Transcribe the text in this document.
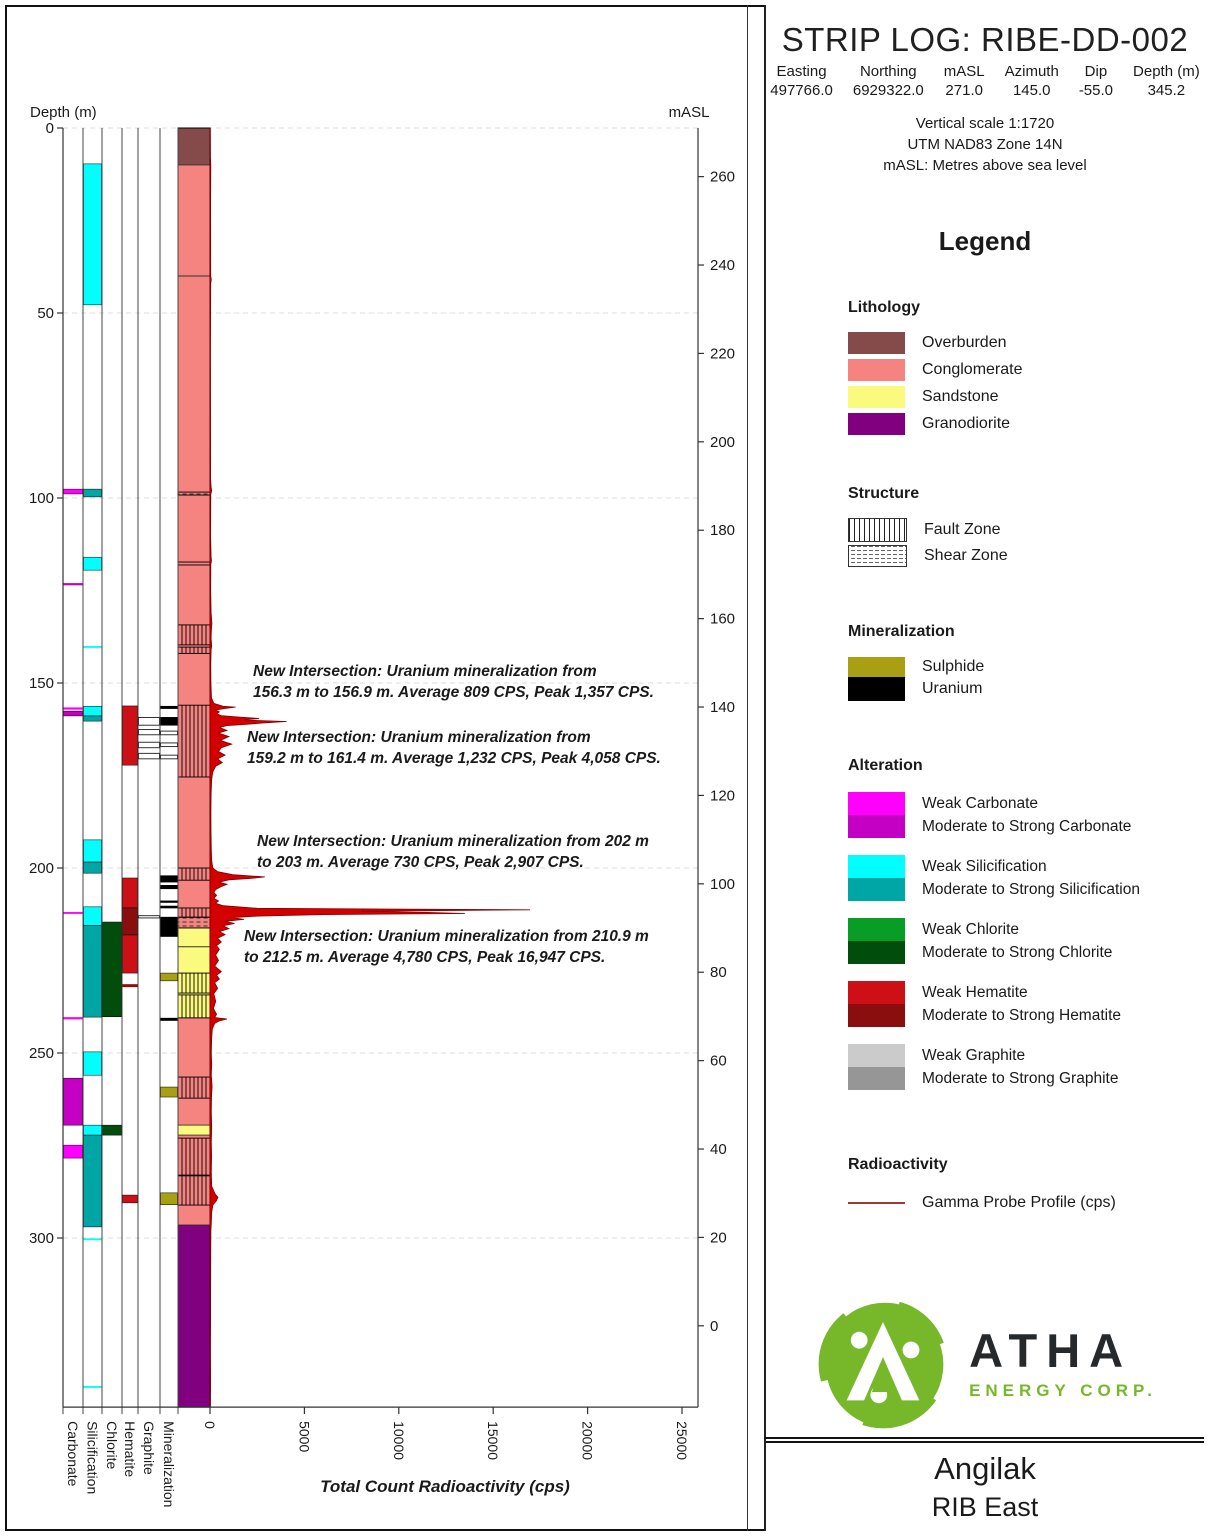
Depth (m)	mASL
0
50
100
150
200
250
300
260
240
220
200
180
160
140
120
100
80
60
40
20
0
0	5000	10000	15000	20000	25000
Total Count Radioactivity (cps)
Carbonate Silicification Chlorite Hematite Graphite Mineralization
New Intersection: Uranium mineralization from
156.3 m to 156.9 m. Average 809 CPS, Peak 1,357 CPS.
New Intersection: Uranium mineralization from
159.2 m to 161.4 m. Average 1,232 CPS, Peak 4,058 CPS.
New Intersection: Uranium mineralization from 202 m
to 203 m. Average 730 CPS, Peak 2,907 CPS.
New Intersection: Uranium mineralization from 210.9 m
to 212.5 m. Average 4,780 CPS, Peak 16,947 CPS.
STRIP LOG: RIBE-DD-002
Easting
497766.0
Northing
6929322.0
mASL
271.0
Azimuth
145.0
Dip
-55.0
Depth (m)
345.2
Vertical scale 1:1720
UTM NAD83 Zone 14N
mASL: Metres above sea level
Legend
Lithology
Overburden
Conglomerate
Sandstone
Granodiorite
Structure
Fault Zone
Shear Zone
Mineralization
Sulphide
Uranium
Alteration
Weak Carbonate
Moderate to Strong Carbonate
Weak Silicification
Moderate to Strong Silicification
Weak Chlorite
Moderate to Strong Chlorite
Weak Hematite
Moderate to Strong Hematite
Weak Graphite
Moderate to Strong Graphite
Radioactivity
Gamma Probe Profile (cps)
ATHA
ENERGY CORP.
Angilak
RIB East
